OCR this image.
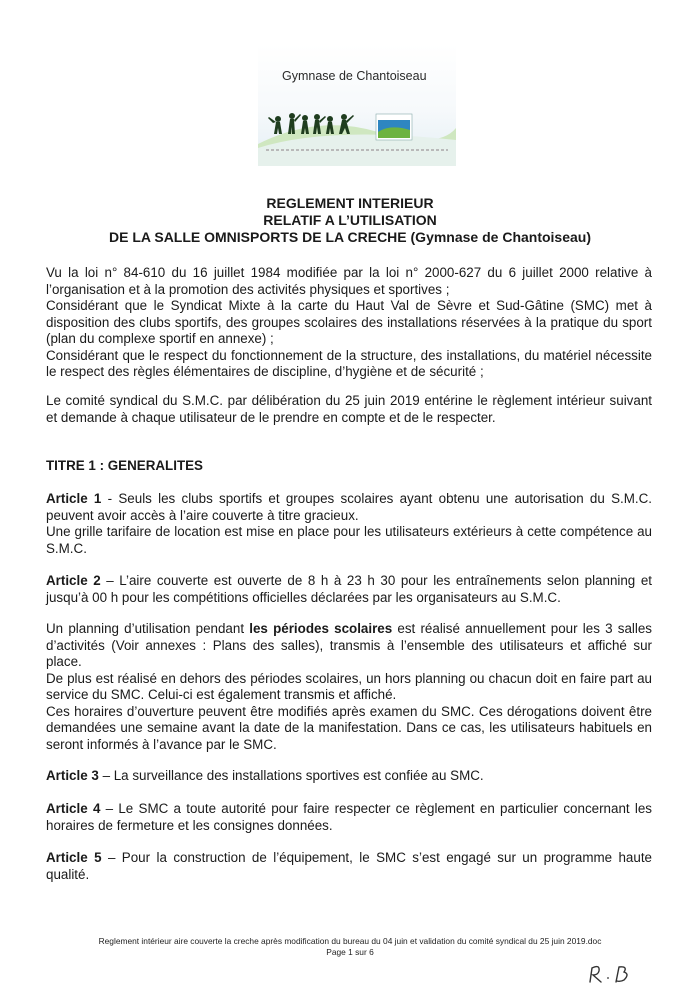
Gymnase de Chantoiseau
REGLEMENT INTERIEUR
RELATIF A L’UTILISATION
DE LA SALLE OMNISPORTS DE LA CRECHE (Gymnase de Chantoiseau)
Vu la loi n° 84-610 du 16 juillet 1984 modifiée par la loi n° 2000-627 du 6 juillet 2000 relative à l’organisation et à la promotion des activités physiques et sportives ;
Considérant que le Syndicat Mixte à la carte du Haut Val de Sèvre et Sud-Gâtine (SMC) met à disposition des clubs sportifs, des groupes scolaires des installations réservées à la pratique du sport (plan du complexe sportif en annexe) ;
Considérant que le respect du fonctionnement de la structure, des installations, du matériel nécessite le respect des règles élémentaires de discipline, d’hygiène et de sécurité ;
Le comité syndical du S.M.C. par délibération du 25 juin 2019 entérine le règlement intérieur suivant et demande à chaque utilisateur de le prendre en compte et de le respecter.
TITRE 1 : GENERALITES
Article 1 - Seuls les clubs sportifs et groupes scolaires ayant obtenu une autorisation du S.M.C. peuvent avoir accès à l’aire couverte à titre gracieux.
Une grille tarifaire de location est mise en place pour les utilisateurs extérieurs à cette compétence au S.M.C.
Article 2 – L’aire couverte est ouverte de 8 h à 23 h 30 pour les entraînements selon planning et jusqu’à 00 h pour les compétitions officielles déclarées par les organisateurs au S.M.C.
Un planning d’utilisation pendant les périodes scolaires est réalisé annuellement pour les 3 salles d’activités (Voir annexes : Plans des salles), transmis à l’ensemble des utilisateurs et affiché sur place.
De plus est réalisé en dehors des périodes scolaires, un hors planning ou chacun doit en faire part au service du SMC. Celui-ci est également transmis et affiché.
Ces horaires d’ouverture peuvent être modifiés après examen du SMC. Ces dérogations doivent être demandées une semaine avant la date de la manifestation. Dans ce cas, les utilisateurs habituels en seront informés à l’avance par le SMC.
Article 3 – La surveillance des installations sportives est confiée au SMC.
Article 4 – Le SMC a toute autorité pour faire respecter ce règlement en particulier concernant les horaires de fermeture et les consignes données.
Article 5 – Pour la construction de l’équipement, le SMC s’est engagé sur un programme haute qualité.
Reglement intérieur aire couverte la creche après modification du bureau du 04 juin et validation du comité syndical du 25 juin 2019.doc
Page 1 sur 6
